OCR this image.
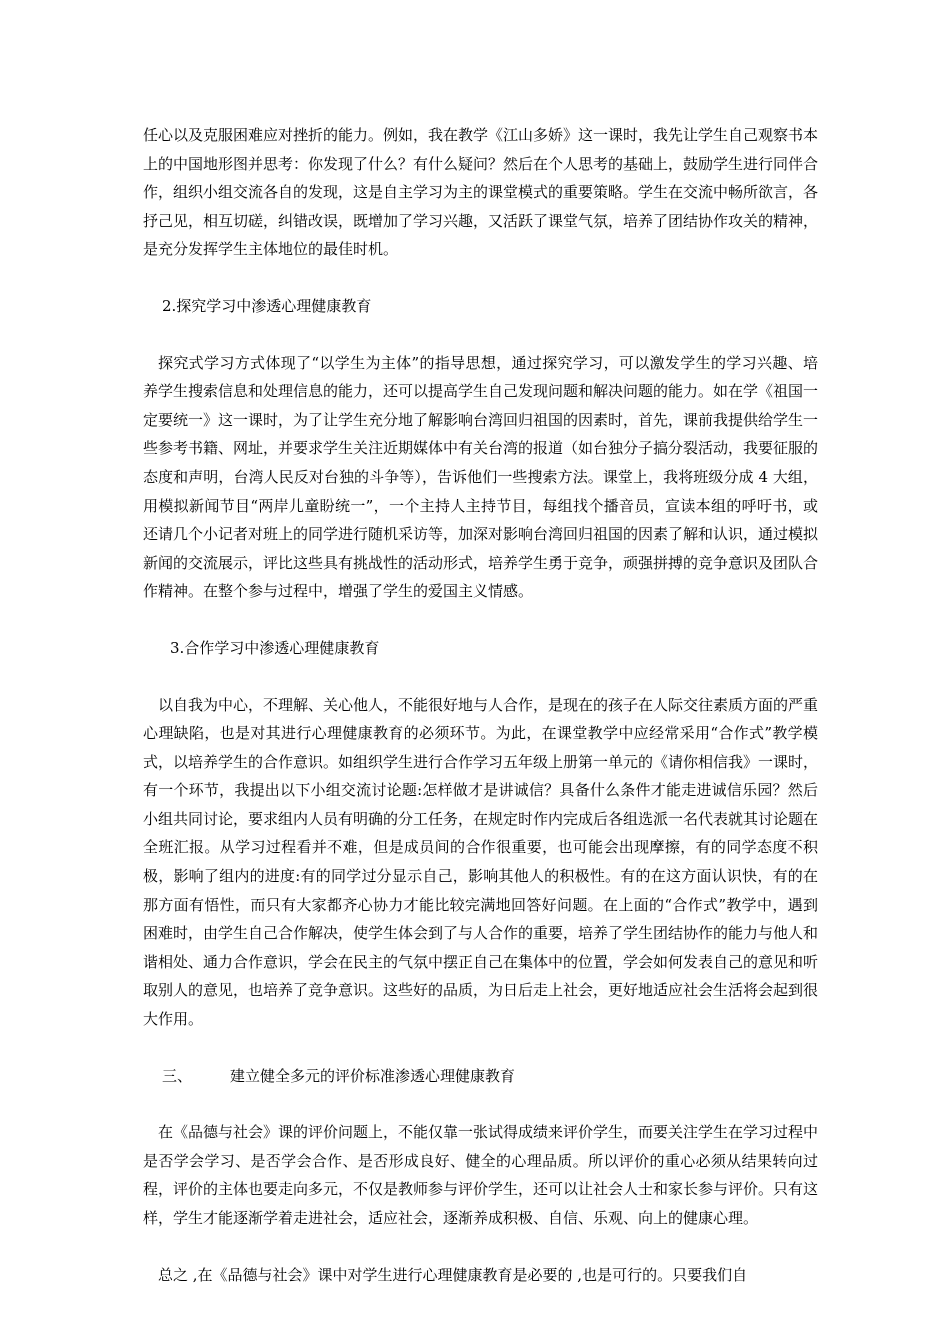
任心以及克服困难应对挫折的能力。例如，我在教学《江山多娇》这一课时，我先让学生自己观察书本上的中国地形图并思考：你发现了什么？有什么疑问？然后在个人思考的基础上，鼓励学生进行同伴合作，组织小组交流各自的发现，这是自主学习为主的课堂模式的重要策略。学生在交流中畅所欲言，各抒己见，相互切磋，纠错改误，既增加了学习兴趣，又活跃了课堂气氛，培养了团结协作攻关的精神，是充分发挥学生主体地位的最佳时机。

2.探究学习中渗透心理健康教育

探究式学习方式体现了“以学生为主体”的指导思想，通过探究学习，可以激发学生的学习兴趣、培养学生搜索信息和处理信息的能力，还可以提高学生自己发现问题和解决问题的能力。如在学《祖国一定要统一》这一课时，为了让学生充分地了解影响台湾回归祖国的因素时，首先，课前我提供给学生一些参考书籍、网址，并要求学生关注近期媒体中有关台湾的报道（如台独分子搞分裂活动，我要征服的态度和声明，台湾人民反对台独的斗争等），告诉他们一些搜索方法。课堂上，我将班级分成 4 大组，用模拟新闻节目“两岸儿童盼统一”，一个主持人主持节目，每组找个播音员，宣读本组的呼吁书，或还请几个小记者对班上的同学进行随机采访等，加深对影响台湾回归祖国的因素了解和认识，通过模拟新闻的交流展示，评比这些具有挑战性的活动形式，培养学生勇于竞争，顽强拼搏的竞争意识及团队合作精神。在整个参与过程中，增强了学生的爱国主义情感。

3.合作学习中渗透心理健康教育

以自我为中心，不理解、关心他人，不能很好地与人合作，是现在的孩子在人际交往素质方面的严重心理缺陷，也是对其进行心理健康教育的必须环节。为此，在课堂教学中应经常采用“合作式”教学模式，以培养学生的合作意识。如组织学生进行合作学习五年级上册第一单元的《请你相信我》一课时，有一个环节，我提出以下小组交流讨论题:怎样做才是讲诚信？具备什么条件才能走进诚信乐园？然后小组共同讨论，要求组内人员有明确的分工任务，在规定时作内完成后各组选派一名代表就其讨论题在全班汇报。从学习过程看并不难，但是成员间的合作很重要，也可能会出现摩擦，有的同学态度不积极，影响了组内的进度:有的同学过分显示自己，影响其他人的积极性。有的在这方面认识快，有的在那方面有悟性，而只有大家都齐心协力才能比较完满地回答好问题。在上面的“合作式”教学中，遇到困难时，由学生自己合作解决，使学生体会到了与人合作的重要，培养了学生团结协作的能力与他人和谐相处、通力合作意识，学会在民主的气氛中摆正自己在集体中的位置，学会如何发表自己的意见和听取别人的意见，也培养了竞争意识。这些好的品质，为日后走上社会，更好地适应社会生活将会起到很大作用。

三、	建立健全多元的评价标准渗透心理健康教育

在《品德与社会》课的评价问题上，不能仅靠一张试得成绩来评价学生，而要关注学生在学习过程中是否学会学习、是否学会合作、是否形成良好、健全的心理品质。所以评价的重心必须从结果转向过程，评价的主体也要走向多元，不仅是教师参与评价学生，还可以让社会人士和家长参与评价。只有这样，学生才能逐渐学着走进社会，适应社会，逐渐养成积极、自信、乐观、向上的健康心理。

总之 ,在《品德与社会》课中对学生进行心理健康教育是必要的 ,也是可行的。只要我们自
